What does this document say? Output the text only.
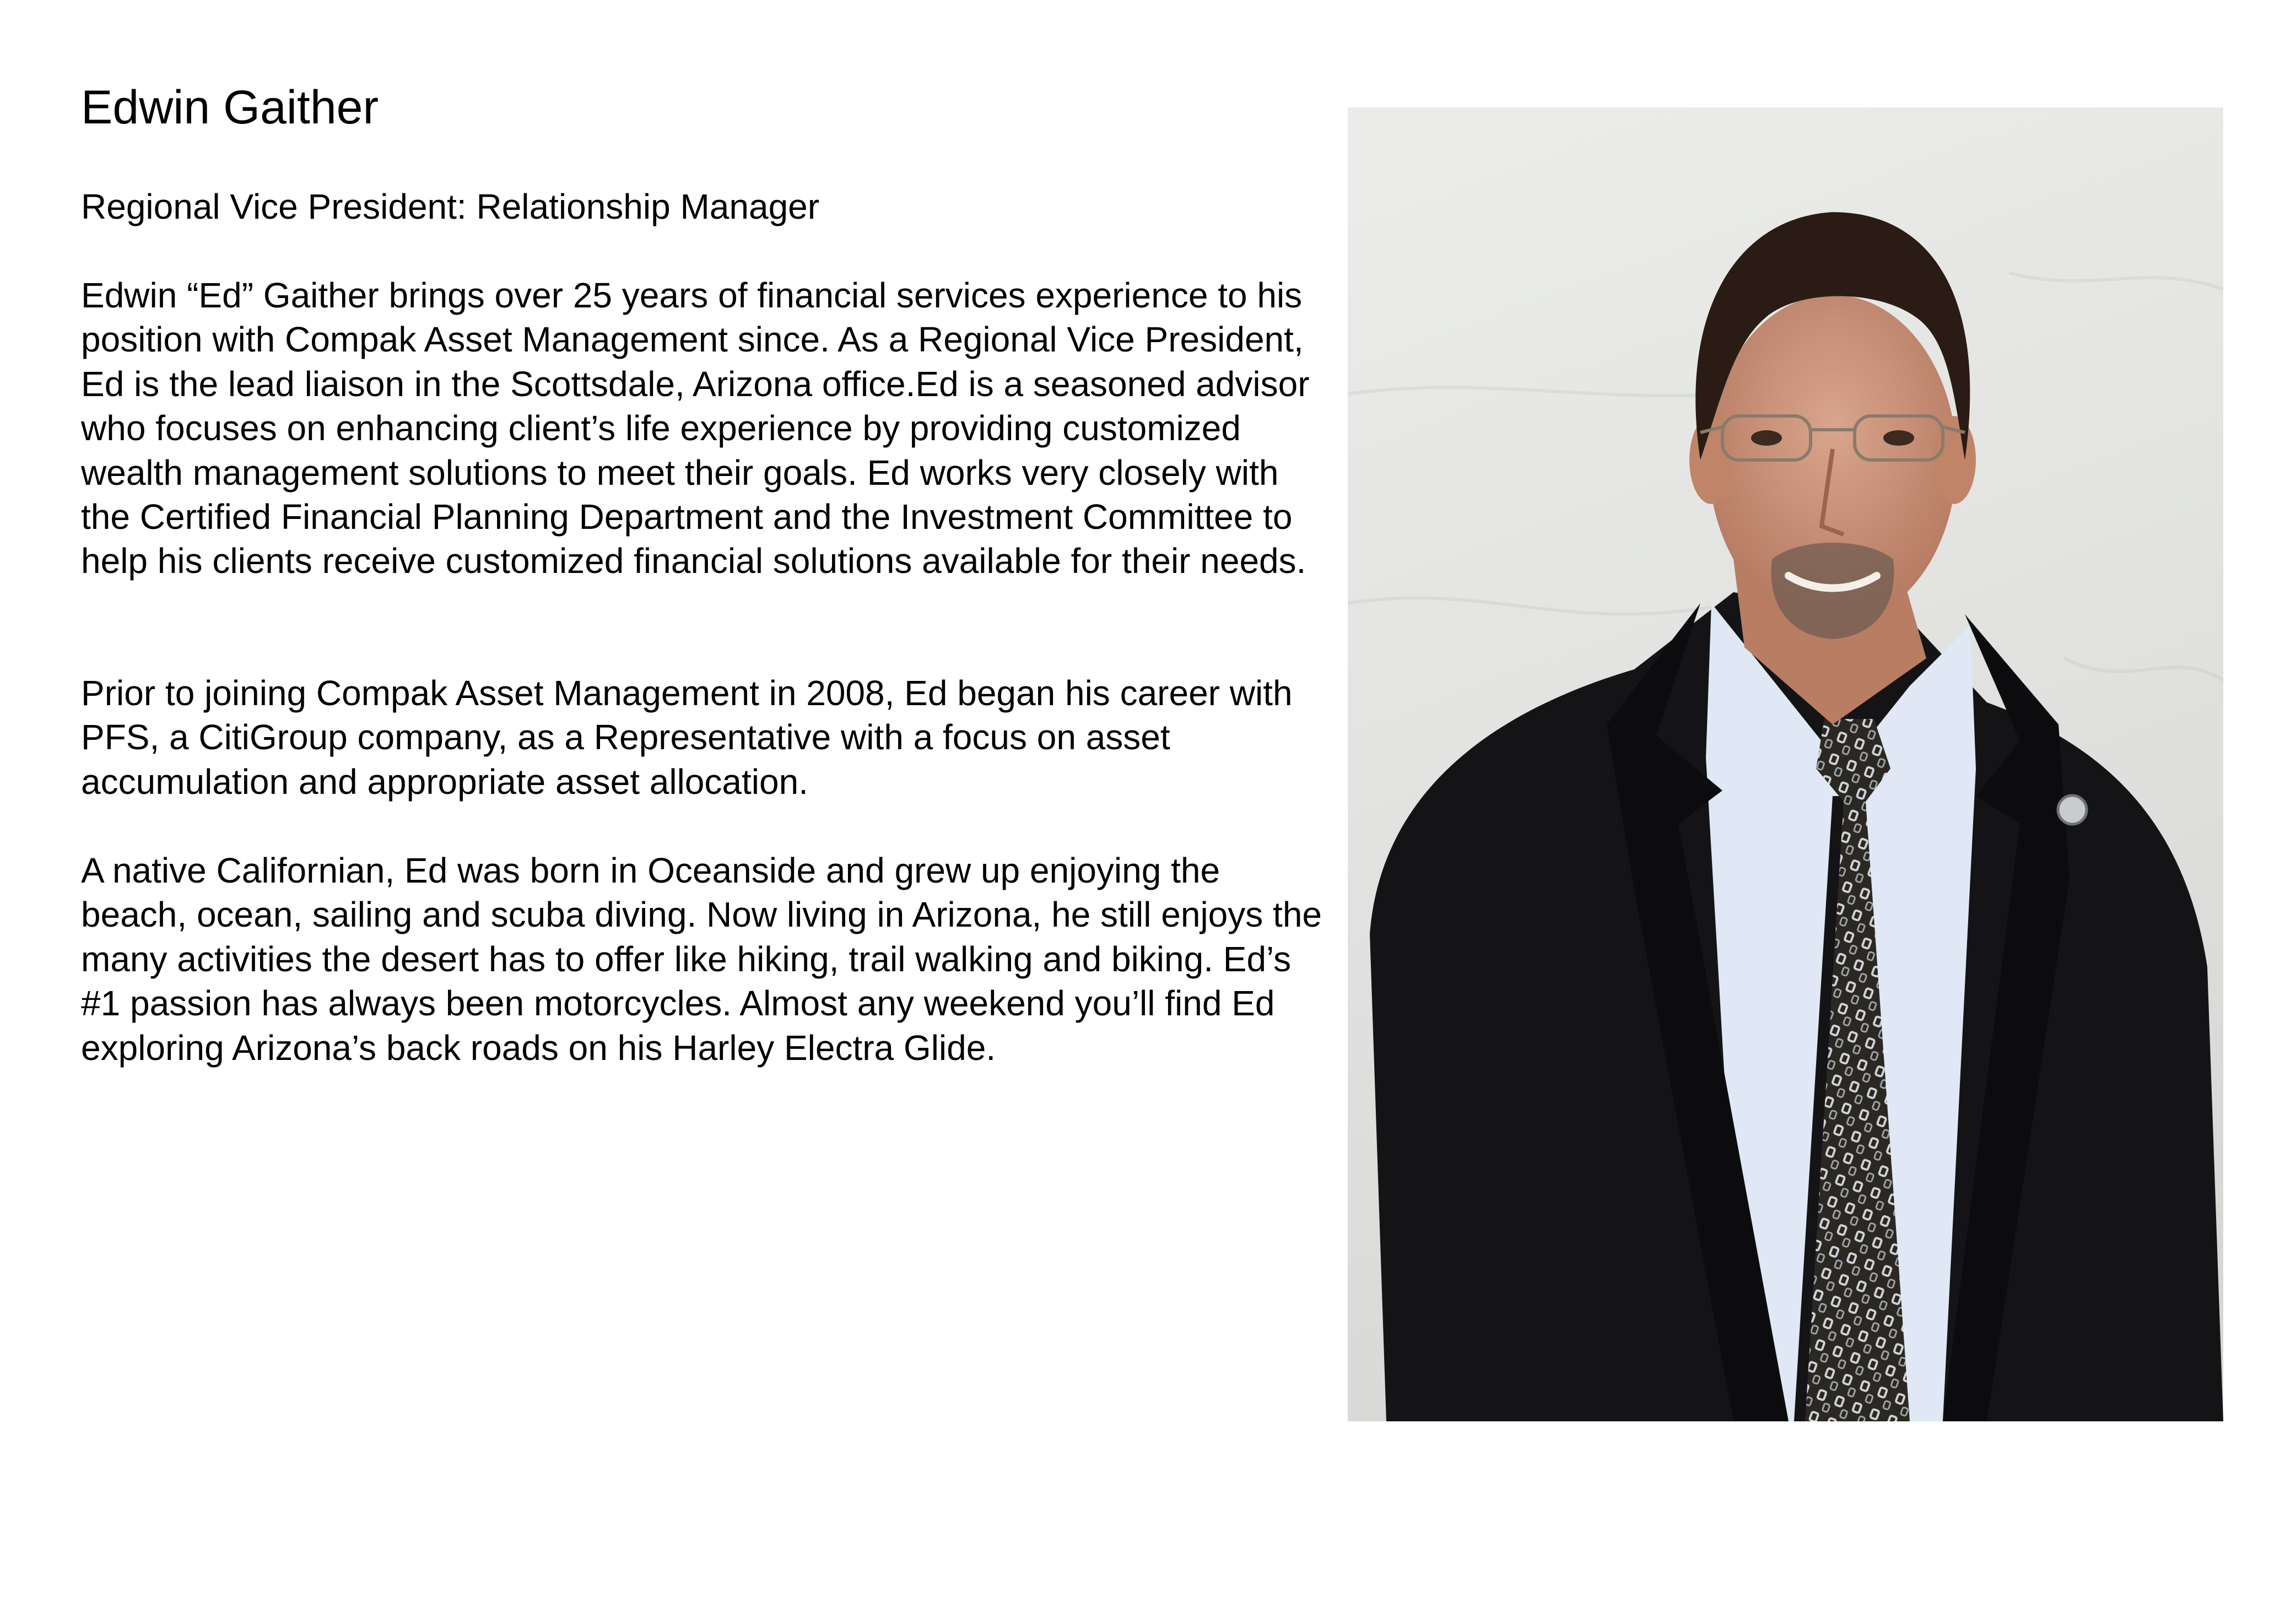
Edwin Gaither

Regional Vice President: Relationship Manager

Edwin “Ed” Gaither brings over 25 years of financial services experience to his position with Compak Asset Management since. As a Regional Vice President, Ed is the lead liaison in the Scottsdale, Arizona office.Ed is a seasoned advisor who focuses on enhancing client’s life experience by providing customized wealth management solutions to meet their goals. Ed works very closely with the Certified Financial Planning Department and the Investment Committee to help his clients receive customized financial solutions available for their needs.

Prior to joining Compak Asset Management in 2008, Ed began his career with PFS, a CitiGroup company, as a Representative with a focus on asset accumulation and appropriate asset allocation.

A native Californian, Ed was born in Oceanside and grew up enjoying the beach, ocean, sailing and scuba diving. Now living in Arizona, he still enjoys the many activities the desert has to offer like hiking, trail walking and biking. Ed’s #1 passion has always been motorcycles. Almost any weekend you’ll find Ed exploring Arizona’s back roads on his Harley Electra Glide.
